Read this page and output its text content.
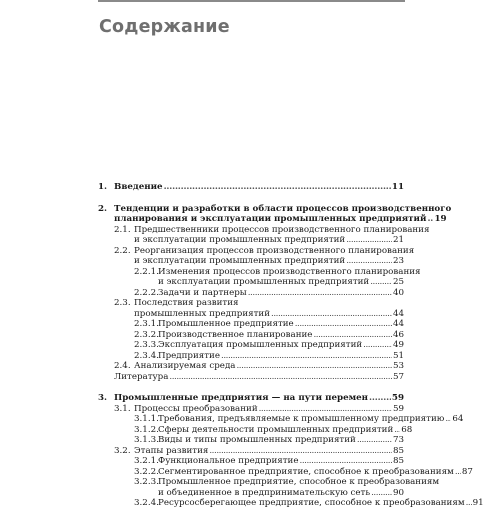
Содержание
1. Введение . . .	11
2. Тенденции и разработки в области процессов производственного
планирования и эксплуатации промышленных предприятий . . . 19
2.1. Предшественники процессов производственного планирования
и эксплуатации промышленных предприятий . . .	21
2.2. Реорганизация процессов производственного планирования
и эксплуатации промышленных предприятий . . .	23
2.2.1. Изменения процессов производственного планирования
и эксплуатации промышленных предприятий . . .	25
2.2.2. Задачи и партнеры . . .	40
2.3. Последствия развития
промышленных предприятий . . .	44
2.3.1. Промышленное предприятие . . .	44
2.3.2. Производственное планирование . . .	46
2.3.3. Эксплуатация промышленных предприятий . . .	49
2.3.4. Предприятие . . .	51
2.4. Анализируемая среда . . .	53
Литература . . .	57
3. Промышленные предприятия — на пути перемен . . .	59
3.1. Процессы преобразований . . .	59
3.1.1. Требования, предъявляемые к промышленному предприятию . . . 64
3.1.2. Сферы деятельности промышленных предприятий . . . 68
3.1.3. Виды и типы промышленных предприятий . . .	73
3.2. Этапы развития . . .	85
3.2.1. Функциональное предприятие . . .	85
3.2.2. Сегментированное предприятие, способное к преобразованиям . . . 87
3.2.3. Промышленное предприятие, способное к преобразованиям
и объединенное в предпринимательскую сеть . . .	90
3.2.4. Ресурсосберегающее предприятие, способное к преобразованиям . . . 91
